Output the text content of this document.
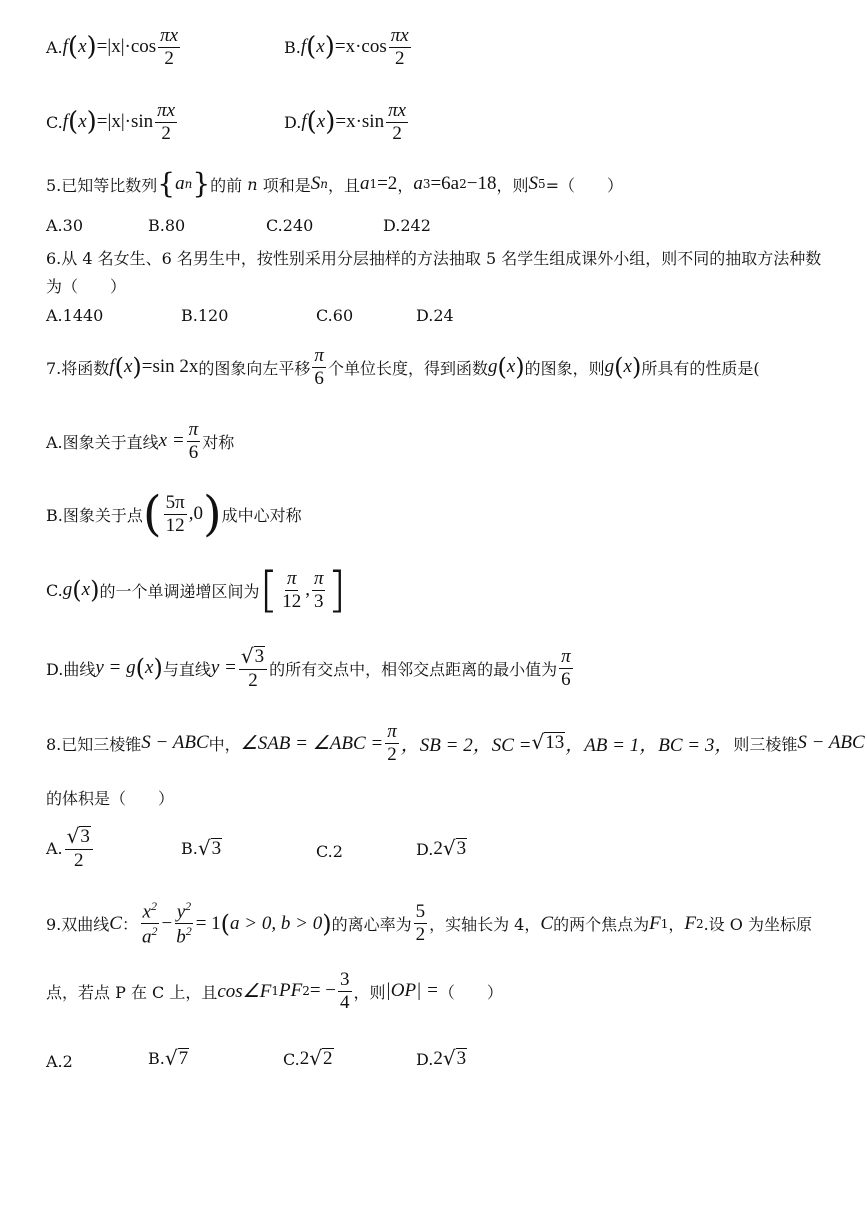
A. f ( x ) $=|x|\cdot\cos \frac{\pi x}{2}$	B. f ( x ) $=x\cdot\cos \frac{\pi x}{2}$
C. f ( x ) $=|x|\cdot\sin \frac{\pi x}{2}$	D. f ( x ) $=x\cdot\sin \frac{\pi x}{2}$
5.已知等比数列 { a n } 的前
n
项和是 S n ，且 a 1 =2 ， a 3 =6a 2 −18 ，则 S 5 =（　　）
A.30	B.80	C.240	D.242
6.从 4 名女生、6 名男生中，按性别采用分层抽样的方法抽取 5 名学生组成课外小组，则不同的抽取方法种数
为（　　）
A.1440	B.120	C.60	D.24
7.将函数 f ( x ) =sin 2x 的图象向左平移 $\frac{\pi}{6}$ 个单位长度，得到函数 g ( x ) 的图象，则 g ( x ) 所具有的性质是(
A.图象关于直线 $x = \frac{\pi}{6}$ 对称
B.图象关于点 ( $\frac{5\pi}{12} ,0$ ) 成中心对称
C. g ( x ) 的一个单调递增区间为 [ $\frac{\pi}{12}$ , $\frac{\pi}{3}$ ]
D.曲线 y = g ( x ) 与直线 $y = \frac{√ 3}{2}$ 的所有交点中，相邻交点距离的最小值为 $\frac{\pi}{6}$
8.已知三棱锥 S − ABC 中， ∠SAB = ∠ABC = $\frac{\pi}{2}$ ，SB = 2，SC = √ 13 ，AB = 1，BC = 3， 则三棱锥 S − ABC
的体积是（　　）
A. $\frac{√ 3}{2}$	B. √ 3	C.2	D. 2 √ 3
9.双曲线 C ： $\frac{x^2}{a^2} - \frac{y^2}{b^2} = 1$ ( a > 0, b > 0 ) 的离心率为 $\frac{5}{2}$ ，实轴长为 4， C 的两个焦点为 F 1 ， F 2 .设 O 为坐标原
点，若点 P 在 C 上，且 cos∠F 1 PF 2 = − $\frac{3}{4}$ ，则 |OP| = （　　）
A.2	B. √ 7	C. 2 √ 2	D. 2 √ 3
